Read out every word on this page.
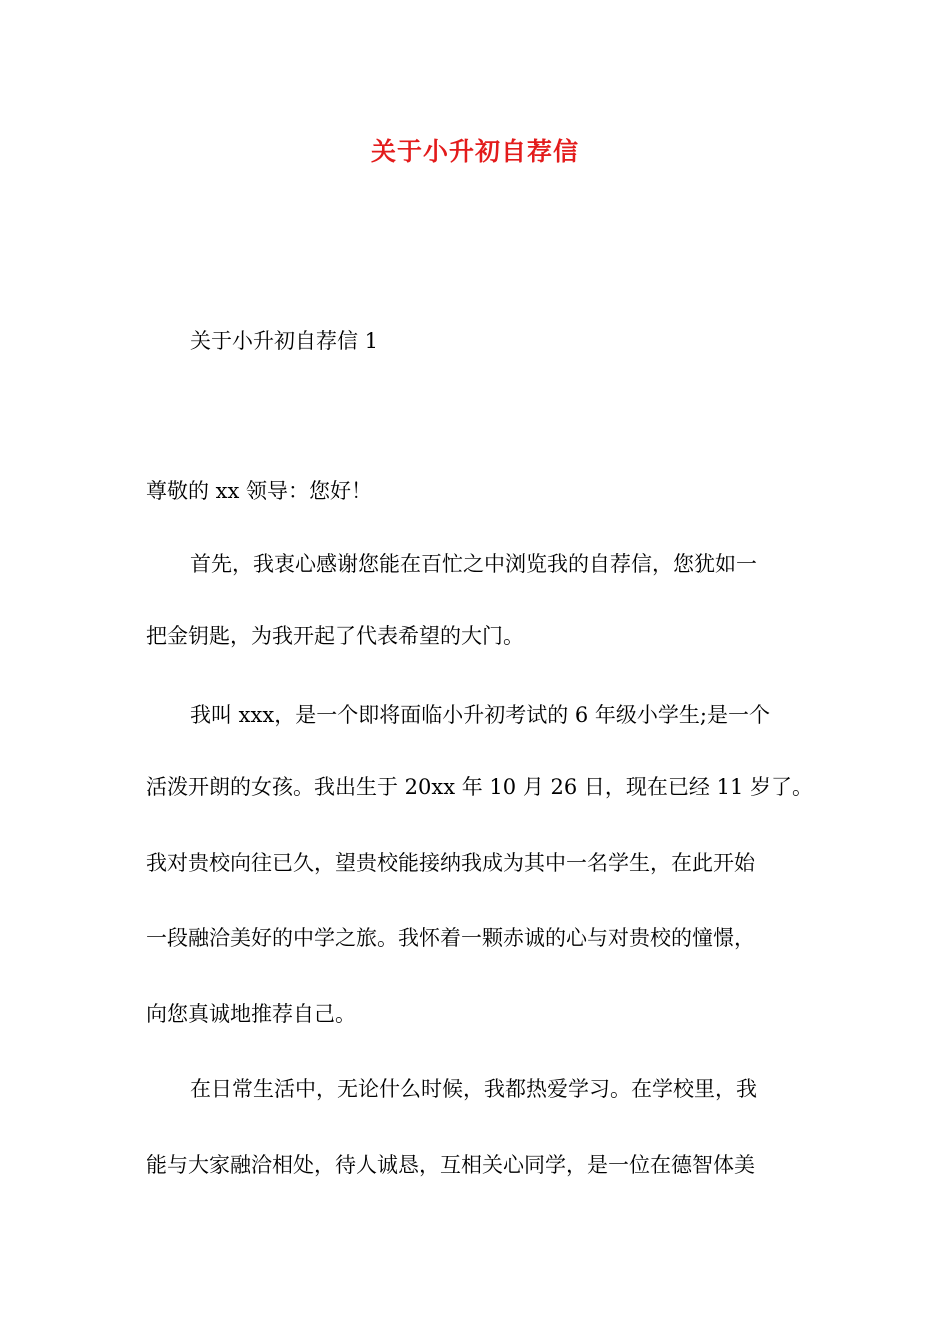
关于小升初自荐信
关于小升初自荐信 1
尊敬的 xx 领导：您好！
首先，我衷心感谢您能在百忙之中浏览我的自荐信，您犹如一
把金钥匙，为我开起了代表希望的大门。
我叫 xxx，是一个即将面临小升初考试的 6 年级小学生;是一个
活泼开朗的女孩。我出生于 20xx 年 10 月 26 日，现在已经 11 岁了。
我对贵校向往已久，望贵校能接纳我成为其中一名学生，在此开始
一段融洽美好的中学之旅。我怀着一颗赤诚的心与对贵校的憧憬，
向您真诚地推荐自己。
在日常生活中，无论什么时候，我都热爱学习。在学校里，我
能与大家融洽相处，待人诚恳，互相关心同学，是一位在德智体美
